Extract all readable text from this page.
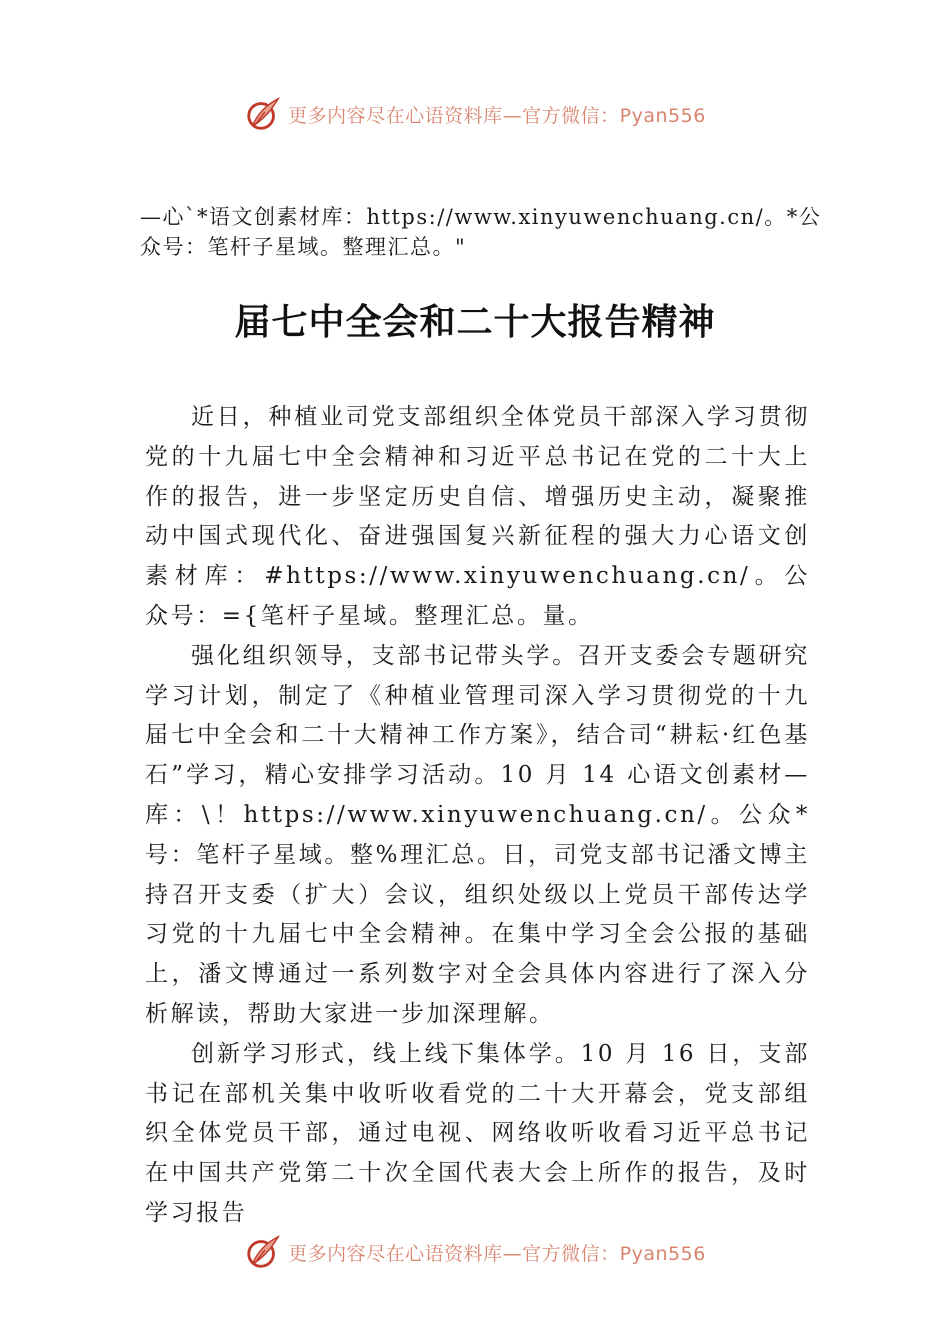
更多内容尽在心语资料库—官方微信：Pyan556

—心`*语文创素材库：https://www.xinyuwenchuang.cn/。*公众号：笔杆子星域。整理汇总。"

届七中全会和二十大报告精神

近日，种植业司党支部组织全体党员干部深入学习贯彻党的十九届七中全会精神和习近平总书记在党的二十大上 作的报告，进一步坚定历史自信、增强历史主动，凝聚推动中国式现代化、奋进强国复兴新征程的强大力心语文创素材库：#https://www.xinyuwenchuang.cn/。公众号：={笔杆子星域。整理汇总。量。

强化组织领导，支部书记带头学。召开支委会专题研究学习计划，制定了《种植业管理司深入学习贯彻党的十九届七中全会和二十大精神工作方案》，结合司“耕耘·红色基石”学习，精心安排学习活动。10 月 14 心语文创素材—库：\！https://www.xinyuwenchuang.cn/。公众*号：笔杆子星域。整%理汇总。日，司党支部书记潘文博主持召开支委（扩大）会议，组织处级以上党员干部传达学习党的十九届七中全会精神。在集中学习全会公报的基础上，潘文博通过一系列数字对全会具体内容进行了深入分析解读，帮助大家进一步加深理解。

创新学习形式，线上线下集体学。10 月 16 日，支部书记在部机关集中收听收看党的二十大开幕会，党支部组织全体党员干部，通过电视、网络收听收看习近平总书记在中国共产党第二十次全国代表大会上所作的报告，及时学习报告

更多内容尽在心语资料库—官方微信：Pyan556
